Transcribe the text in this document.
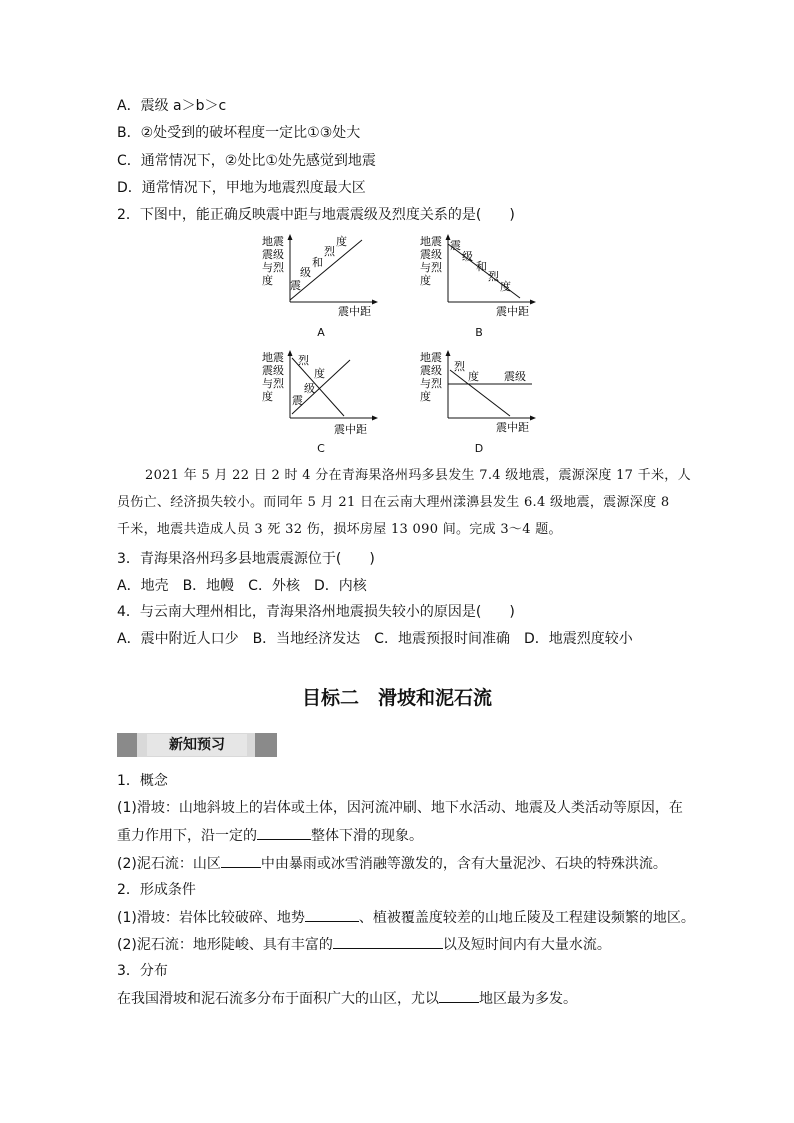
A．震级 a＞b＞c
B．②处受到的破坏程度一定比①③处大
C．通常情况下，②处比①处先感觉到地震
D．通常情况下，甲地为地震烈度最大区
2．下图中，能正确反映震中距与地震震级及烈度关系的是(　　)
地震
震级
与烈
度 震
级
和
烈
度
震中距
A
地震
震级
与烈
度
震
级
和
烈
度
震中距
B
地震
震级
与烈
度
烈
度
级
震
震中距
C
地震
震级
与烈
度
烈
度 震级
震中距
D
2021 年 5 月 22 日 2 时 4 分在青海果洛州玛多县发生 7.4 级地震，震源深度 17 千米，人
员伤亡、经济损失较小。而同年 5 月 21 日在云南大理州漾濞县发生 6.4 级地震，震源深度 8
千米，地震共造成人员 3 死 32 伤，损坏房屋 13 090 间。完成 3～4 题。
3．青海果洛州玛多县地震震源位于(　　)
A．地壳　B．地幔　C．外核　D．内核
4．与云南大理州相比，青海果洛州地震损失较小的原因是(　　)
A．震中附近人口少　B．当地经济发达　C．地震预报时间准确　D．地震烈度较小
目标二　滑坡和泥石流
新知预习
1．概念
(1)滑坡：山地斜坡上的岩体或土体，因河流冲刷、地下水活动、地震及人类活动等原因，在
重力作用下，沿一定的	整体下滑的现象。
(2)泥石流：山区	中由暴雨或冰雪消融等激发的，含有大量泥沙、石块的特殊洪流。
2．形成条件
(1)滑坡：岩体比较破碎、地势	、植被覆盖度较差的山地丘陵及工程建设频繁的地区。
(2)泥石流：地形陡峻、具有丰富的	以及短时间内有大量水流。
3．分布
在我国滑坡和泥石流多分布于面积广大的山区，尤以	地区最为多发。
